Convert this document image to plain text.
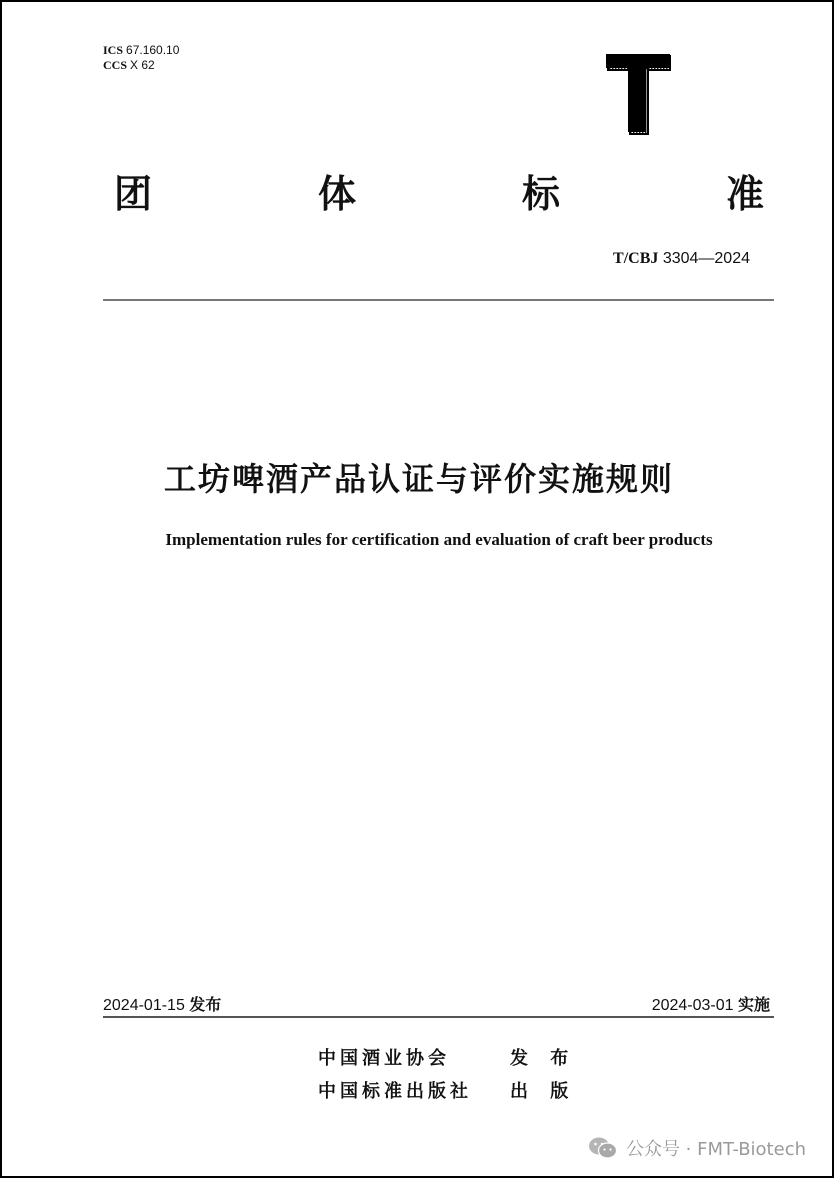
ICS 67.160.10
CCS X 62
团	体	标	准
T/CBJ 3304—2024
工坊啤酒产品认证与评价实施规则
Implementation rules for certification and evaluation of craft beer products
2024-01-15 发布	2024-03-01 实施
中国酒业协会	发 布
中国标准出版社 出 版
公众号 · FMT-Biotech
